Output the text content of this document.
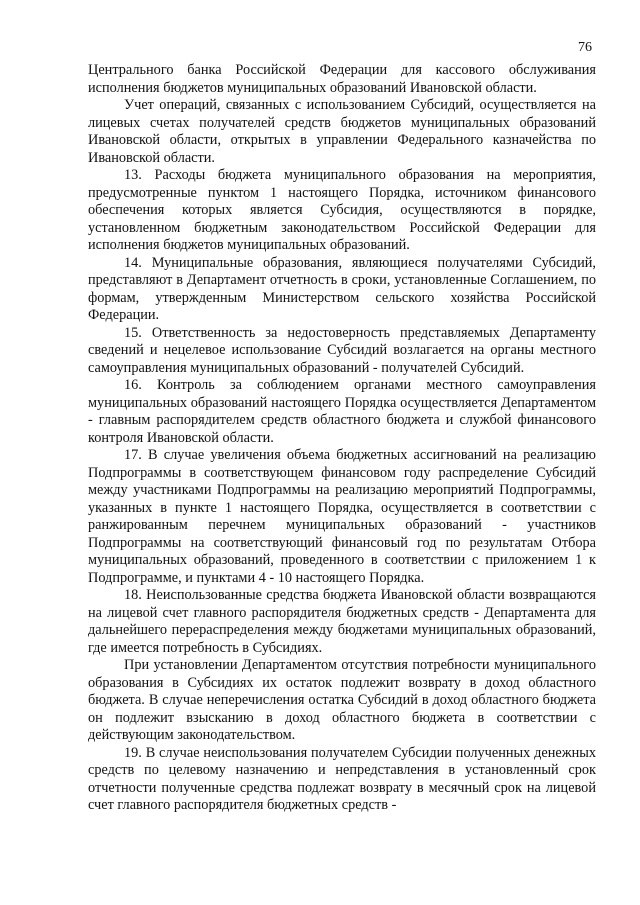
76

Центрального банка Российской Федерации для кассового обслуживания исполнения бюджетов муниципальных образований Ивановской области.

Учет операций, связанных с использованием Субсидий, осуществляется на лицевых счетах получателей средств бюджетов муниципальных образований Ивановской области, открытых в управлении Федерального казначейства по Ивановской области.

13. Расходы бюджета муниципального образования на мероприятия, предусмотренные пунктом 1 настоящего Порядка, источником финансового обеспечения которых является Субсидия, осуществляются в порядке, установленном бюджетным законодательством Российской Федерации для исполнения бюджетов муниципальных образований.

14. Муниципальные образования, являющиеся получателями Субсидий, представляют в Департамент отчетность в сроки, установленные Соглашением, по формам, утвержденным Министерством сельского хозяйства Российской Федерации.

15. Ответственность за недостоверность представляемых Департаменту сведений и нецелевое использование Субсидий возлагается на органы местного самоуправления муниципальных образований - получателей Субсидий.

16. Контроль за соблюдением органами местного самоуправления муниципальных образований настоящего Порядка осуществляется Департаментом - главным распорядителем средств областного бюджета и службой финансового контроля Ивановской области.

17. В случае увеличения объема бюджетных ассигнований на реализацию Подпрограммы в соответствующем финансовом году распределение Субсидий между участниками Подпрограммы на реализацию мероприятий Подпрограммы, указанных в пункте 1 настоящего Порядка, осуществляется в соответствии с ранжированным перечнем муниципальных образований - участников Подпрограммы на соответствующий финансовый год по результатам Отбора муниципальных образований, проведенного в соответствии с приложением 1 к Подпрограмме, и пунктами 4 - 10 настоящего Порядка.

18. Неиспользованные средства бюджета Ивановской области возвращаются на лицевой счет главного распорядителя бюджетных средств - Департамента для дальнейшего перераспределения между бюджетами муниципальных образований, где имеется потребность в Субсидиях.

При установлении Департаментом отсутствия потребности муниципального образования в Субсидиях их остаток подлежит возврату в доход областного бюджета. В случае неперечисления остатка Субсидий в доход областного бюджета он подлежит взысканию в доход областного бюджета в соответствии с действующим законодательством.

19. В случае неиспользования получателем Субсидии полученных денежных средств по целевому назначению и непредставления в установленный срок отчетности полученные средства подлежат возврату в месячный срок на лицевой счет главного распорядителя бюджетных средств -
